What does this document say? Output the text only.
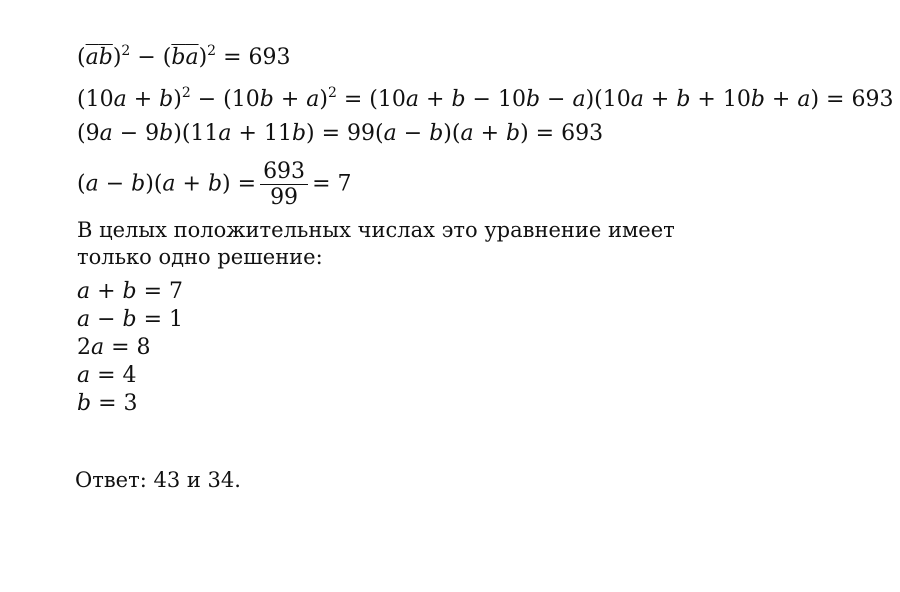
(ab)$^2$ − (ba)$^2$ = 693
$(10a + b)^2 - (10b + a)^2 = (10a + b - 10b - a)(10a + b + 10b + a) = 693$
(9a − 9b)(11a + 11b) = 99(a − b)(a + b) = 693
$(a - b)(a + b) = \frac{693}{99} = 7$
В целых положительных числах это уравнение имеет
только одно решение:
a + b = 7
a − b = 1
2a = 8
a = 4
b = 3
Ответ: 43 и 34.
